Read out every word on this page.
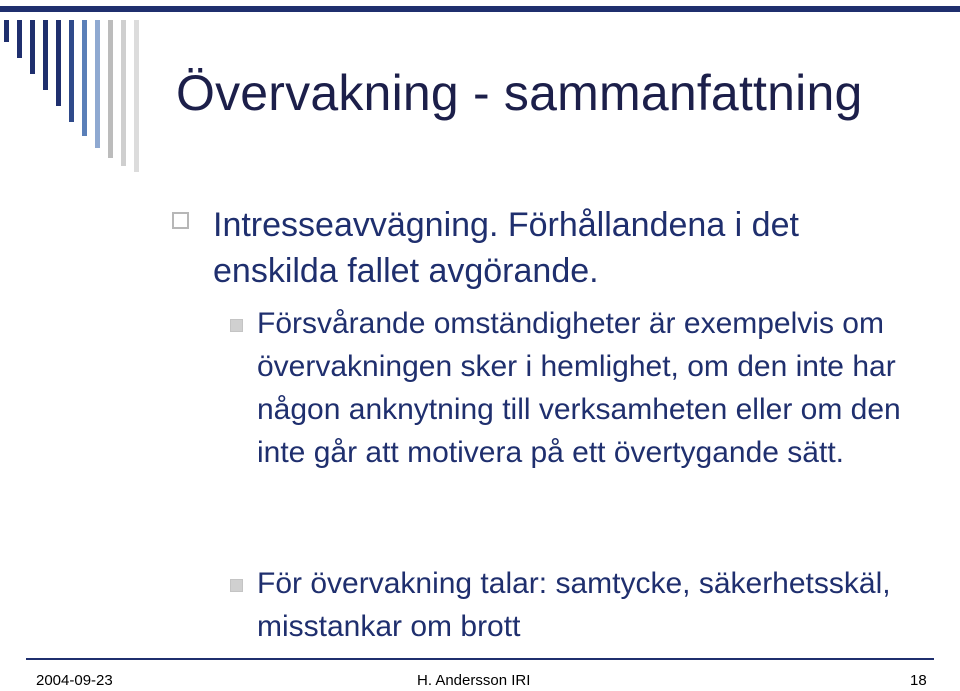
Övervakning - sammanfattning
Intresseavvägning. Förhållandena i det enskilda fallet avgörande.
Försvårande omständigheter är exempelvis om övervakningen sker i hemlighet, om den inte har någon anknytning till verksamheten eller om den inte går att motivera på ett övertygande sätt.
För övervakning talar: samtycke, säkerhetsskäl, misstankar om brott
2004-09-23	H. Andersson IRI	18
